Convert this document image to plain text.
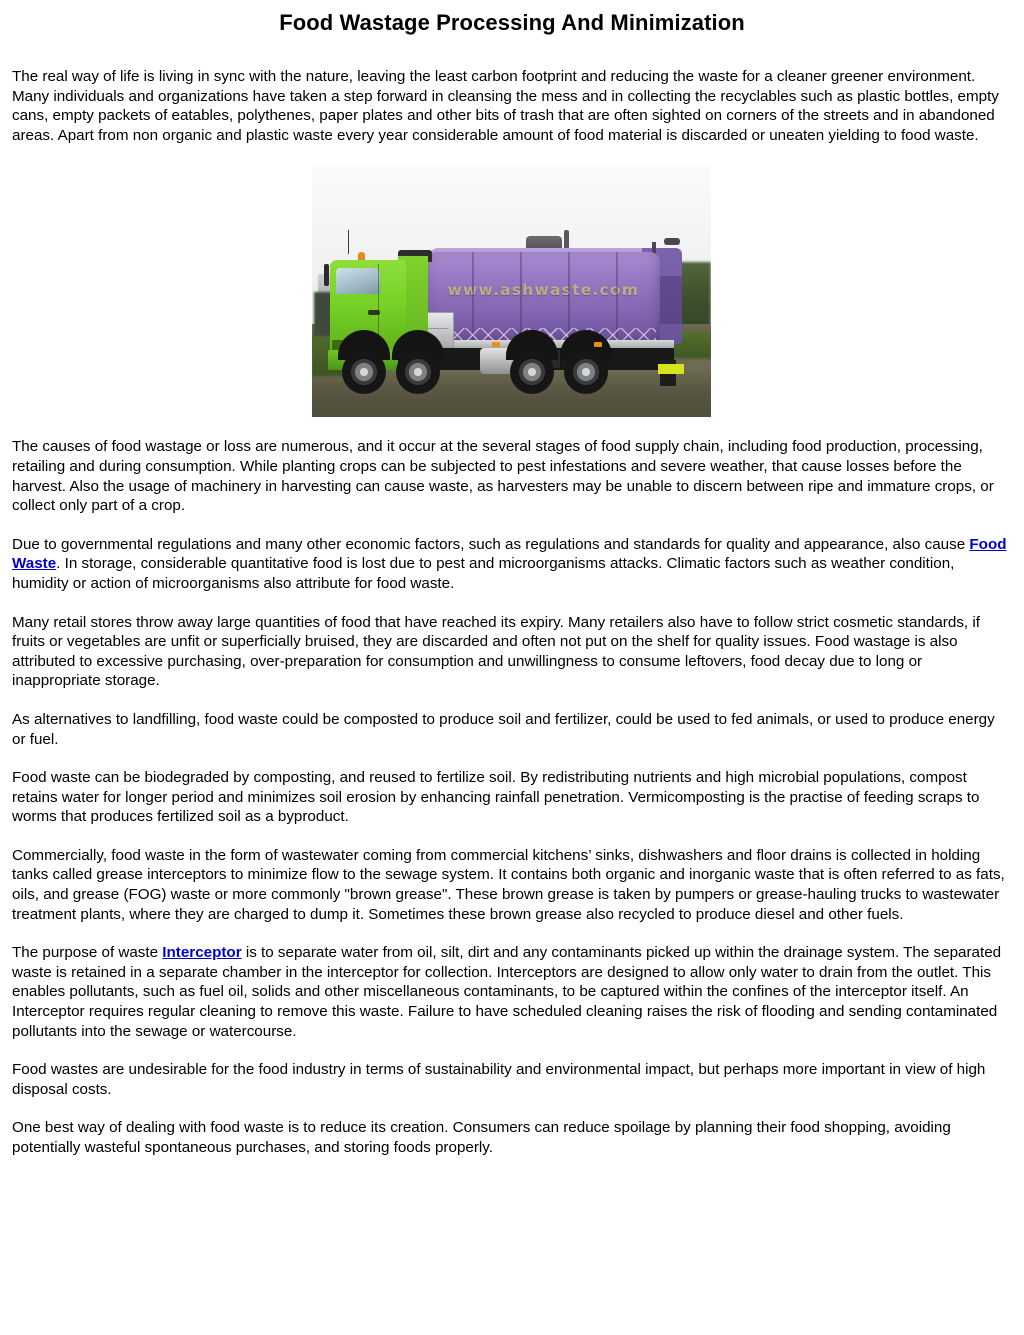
Food Wastage Processing And Minimization

The real way of life is living in sync with the nature, leaving the least carbon footprint and reducing the waste for a cleaner greener environment. Many individuals and organizations have taken a step forward in cleansing the mess and in collecting the recyclables such as plastic bottles, empty cans, empty packets of eatables, polythenes, paper plates and other bits of trash that are often sighted on corners of the streets and in abandoned areas. Apart from non organic and plastic waste every year considerable amount of food material is discarded or uneaten yielding to food waste.

www.ashwaste.com

The causes of food wastage or loss are numerous, and it occur at the several stages of food supply chain, including food production, processing, retailing and during consumption. While planting crops can be subjected to pest infestations and severe weather, that cause losses before the harvest. Also the usage of machinery in harvesting can cause waste, as harvesters may be unable to discern between ripe and immature crops, or collect only part of a crop.

Due to governmental regulations and many other economic factors, such as regulations and standards for quality and appearance, also cause Food Waste. In storage, considerable quantitative food is lost due to pest and microorganisms attacks. Climatic factors such as weather condition, humidity or action of microorganisms also attribute for food waste.

Many retail stores throw away large quantities of food that have reached its expiry. Many retailers also have to follow strict cosmetic standards, if fruits or vegetables are unfit or superficially bruised, they are discarded and often not put on the shelf for quality issues. Food wastage is also attributed to excessive purchasing, over-preparation for consumption and unwillingness to consume leftovers, food decay due to long or inappropriate storage.

As alternatives to landfilling, food waste could be composted to produce soil and fertilizer, could be used to fed animals, or used to produce energy or fuel.

Food waste can be biodegraded by composting, and reused to fertilize soil. By redistributing nutrients and high microbial populations, compost retains water for longer period and minimizes soil erosion by enhancing rainfall penetration. Vermicomposting is the practise of feeding scraps to worms that produces fertilized soil as a byproduct.

Commercially, food waste in the form of wastewater coming from commercial kitchens’ sinks, dishwashers and floor drains is collected in holding tanks called grease interceptors to minimize flow to the sewage system. It contains both organic and inorganic waste that is often referred to as fats, oils, and grease (FOG) waste or more commonly "brown grease". These brown grease is taken by pumpers or grease-hauling trucks to wastewater treatment plants, where they are charged to dump it. Sometimes these brown grease also recycled to produce diesel and other fuels.

The purpose of waste Interceptor is to separate water from oil, silt, dirt and any contaminants picked up within the drainage system. The separated waste is retained in a separate chamber in the interceptor for collection. Interceptors are designed to allow only water to drain from the outlet. This enables pollutants, such as fuel oil, solids and other miscellaneous contaminants, to be captured within the confines of the interceptor itself. An Interceptor requires regular cleaning to remove this waste. Failure to have scheduled cleaning raises the risk of flooding and sending contaminated pollutants into the sewage or watercourse.

Food wastes are undesirable for the food industry in terms of sustainability and environmental impact, but perhaps more important in view of high disposal costs.

One best way of dealing with food waste is to reduce its creation. Consumers can reduce spoilage by planning their food shopping, avoiding potentially wasteful spontaneous purchases, and storing foods properly.
